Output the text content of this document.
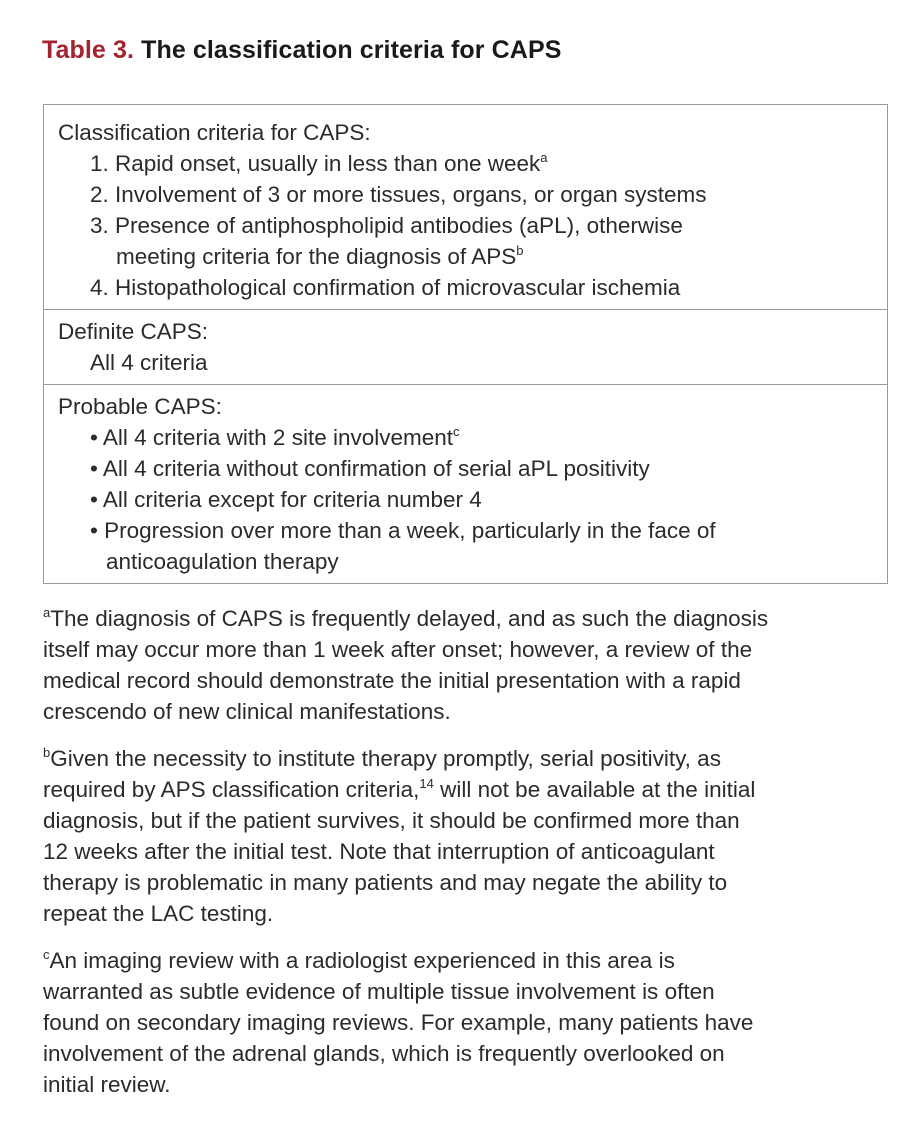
Table 3. The classification criteria for CAPS
Classification criteria for CAPS:
1. Rapid onset, usually in less than one week$^a$
2. Involvement of 3 or more tissues, organs, or organ systems
3. Presence of antiphospholipid antibodies (aPL), otherwise
meeting criteria for the diagnosis of APS$^b$
4. Histopathological confirmation of microvascular ischemia
Definite CAPS:
All 4 criteria
Probable CAPS:
• All 4 criteria with 2 site involvement$^c$
• All 4 criteria without confirmation of serial aPL positivity
• All criteria except for criteria number 4
• Progression over more than a week, particularly in the face of
anticoagulation therapy
$^a$The diagnosis of CAPS is frequently delayed, and as such the diagnosis
itself may occur more than 1 week after onset; however, a review of the
medical record should demonstrate the initial presentation with a rapid
crescendo of new clinical manifestations.
$^b$Given the necessity to institute therapy promptly, serial positivity, as
required by APS classification criteria,$^{14}$ will not be available at the initial
diagnosis, but if the patient survives, it should be confirmed more than
12 weeks after the initial test. Note that interruption of anticoagulant
therapy is problematic in many patients and may negate the ability to
repeat the LAC testing.
$^c$An imaging review with a radiologist experienced in this area is
warranted as subtle evidence of multiple tissue involvement is often
found on secondary imaging reviews. For example, many patients have
involvement of the adrenal glands, which is frequently overlooked on
initial review.
